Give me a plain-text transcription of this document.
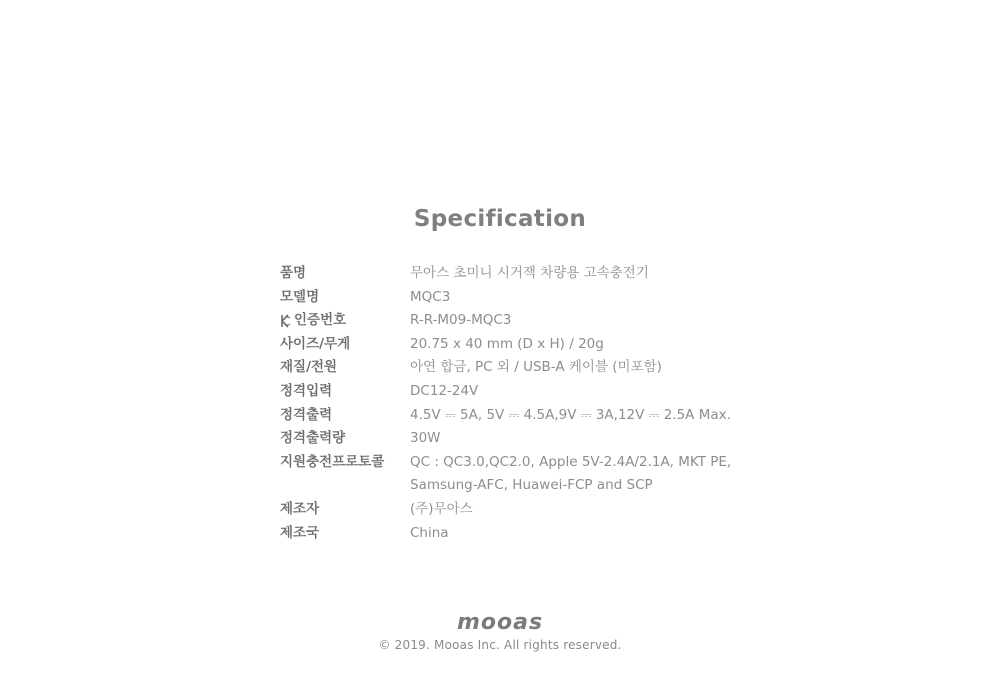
Specification
품명	무아스 초미니 시거잭 차량용 고속충전기
모델명	MQC3
인증번호	R-R-M09-MQC3
사이즈/무게	20.75 x 40 mm (D x H) / 20g
재질/전원	아연 합금, PC 외 / USB-A 케이블 (미포함)
정격입력	DC12-24V
정격출력	4.5V ⎓ 5A, 5V ⎓ 4.5A,9V ⎓ 3A,12V ⎓ 2.5A Max.
정격출력량	30W
지원충전프로토콜	QC : QC3.0,QC2.0, Apple 5V-2.4A/2.1A, MKT PE,
Samsung-AFC, Huawei-FCP and SCP
제조자	(주)무아스
제조국	China
mooas
© 2019. Mooas Inc. All rights reserved.
